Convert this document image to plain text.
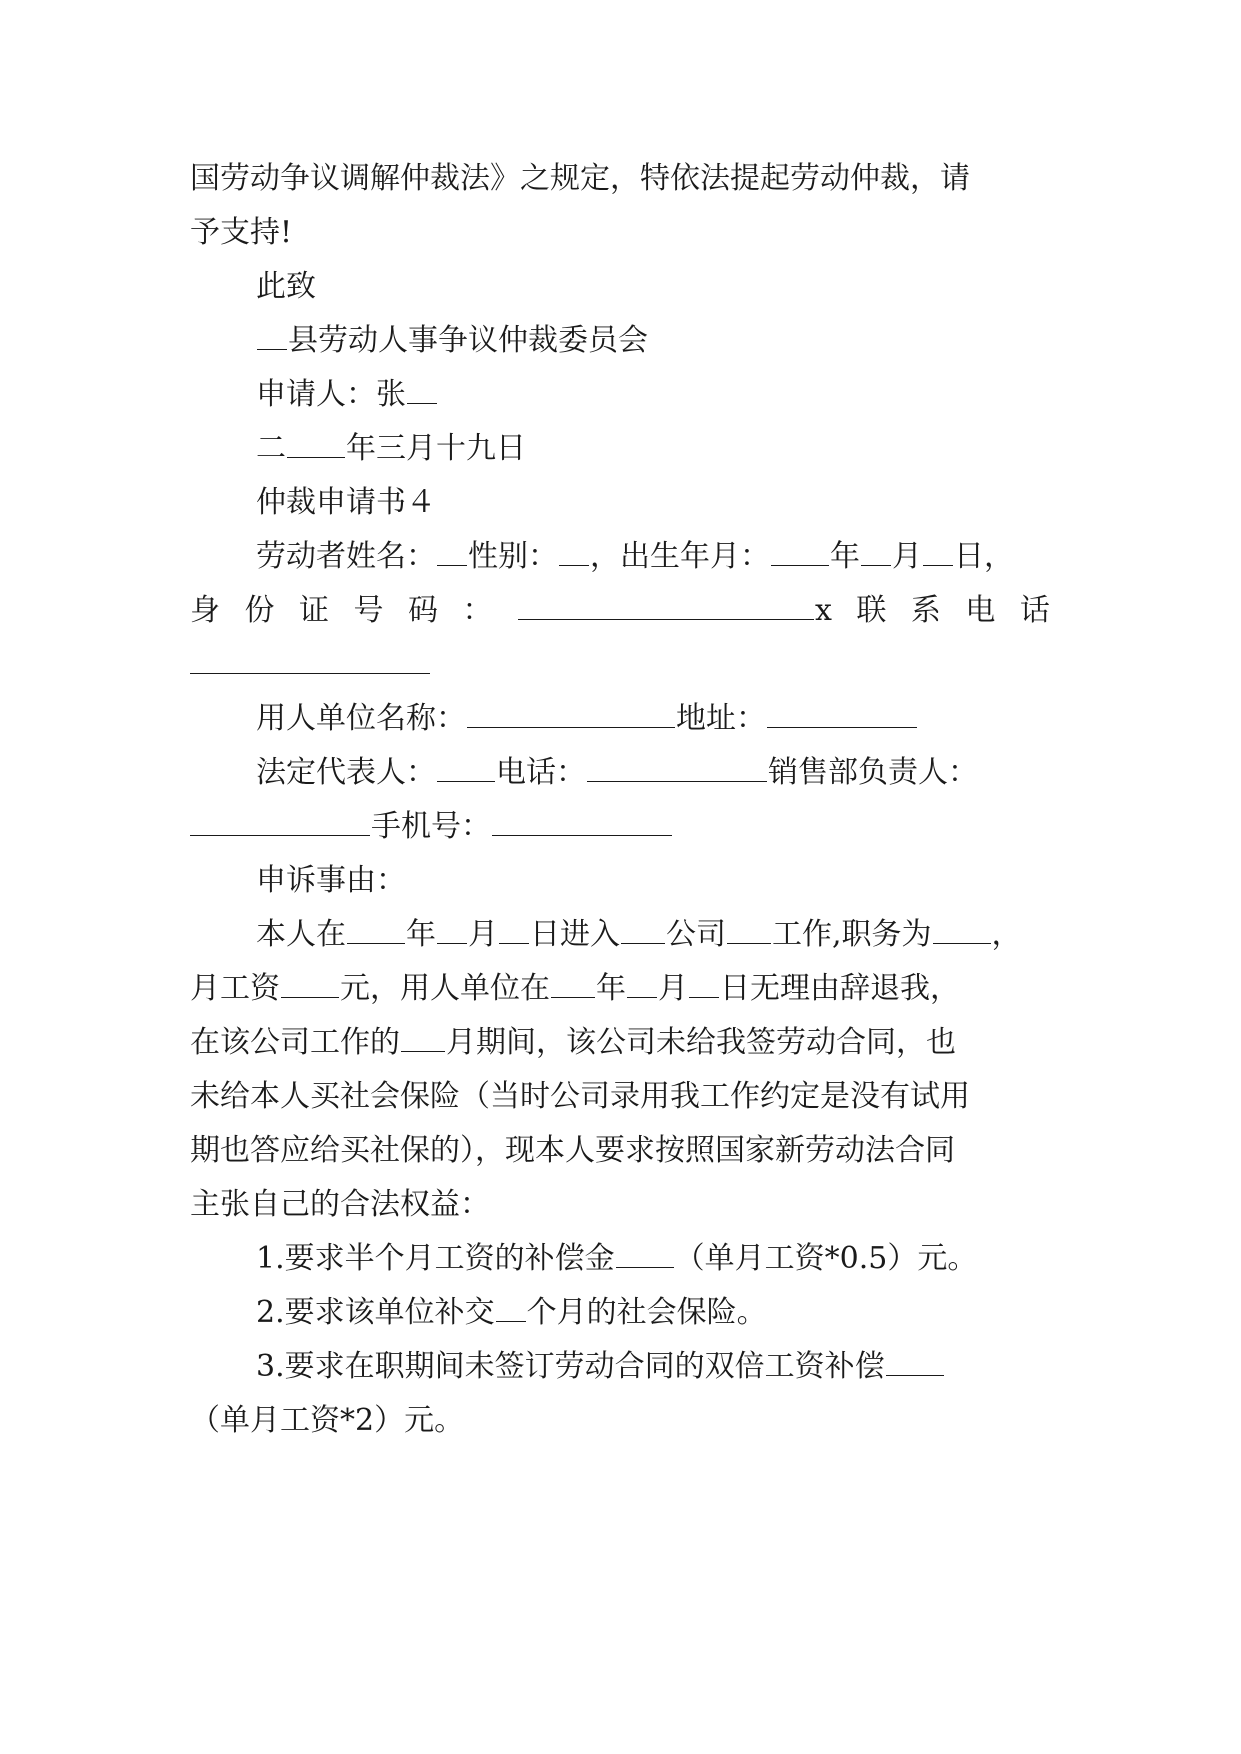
国劳动争议调解仲裁法》之规定，特依法提起劳动仲裁，请
予支持!
此致
县劳动人事争议仲裁委员会
申请人：张
二 年三月十九日
仲裁申请书４
劳动者姓名： 性别： ，出生年月： 年 月 日，
身 份 证 号 码 ：	x 联 系 电 话
用人单位名称：	地址：
法定代表人： 电话：	销售部负责人：
手机号：
申诉事由：
本人在 年 月 日进入 公司 工作,职务为 ，
月工资 元，用人单位在 年 月 日无理由辞退我，
在该公司工作的 月期间，该公司未给我签劳动合同，也
未给本人买社会保险（当时公司录用我工作约定是没有试用
期也答应给买社保的），现本人要求按照国家新劳动法合同
主张自己的合法权益：
1.要求半个月工资的补偿金 （单月工资*0.5）元。
2.要求该单位补交 个月的社会保险。
3.要求在职期间未签订劳动合同的双倍工资补偿
（单月工资*2）元。
